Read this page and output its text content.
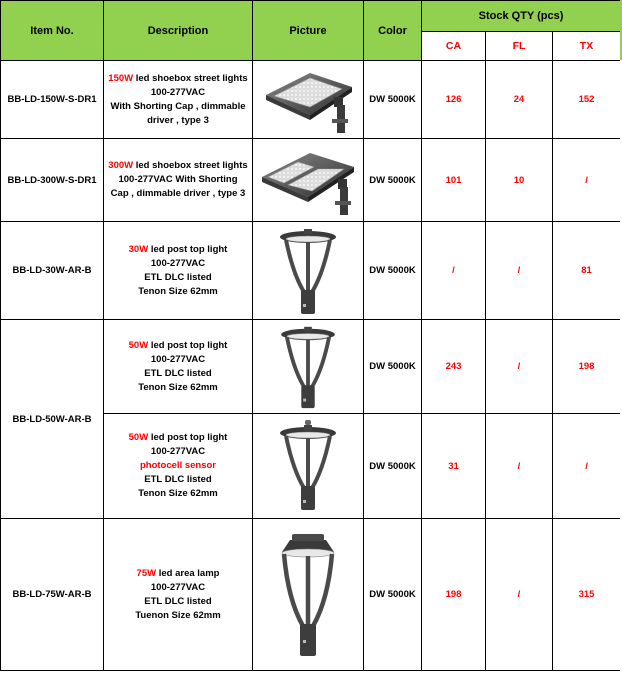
Item No.	Description	Picture	Color	Stock QTY (pcs)		
				CA	FL	TX
BB-LD-150W-S-DR1	150W led shoebox street lights
100-277VAC
With Shorting Cap , dimmable
driver , type 3		DW 5000K	126	24	152
BB-LD-300W-S-DR1	300W led shoebox street lights
100-277VAC With Shorting
Cap , dimmable driver , type 3		DW 5000K	101	10	/
BB-LD-30W-AR-B	30W led post top light
100-277VAC
ETL DLC listed
Tenon Size 62mm		DW 5000K	/	/	81
BB-LD-50W-AR-B	50W led post top light
100-277VAC
ETL DLC listed
Tenon Size 62mm		DW 5000K	243	/	198

	50W led post top light
100-277VAC
photocell sensor
ETL DLC listed
Tenon Size 62mm		DW 5000K	31	/	/
BB-LD-75W-AR-B	75W led area lamp
100-277VAC
ETL DLC listed
Tuenon Size 62mm		DW 5000K	198	/	315
